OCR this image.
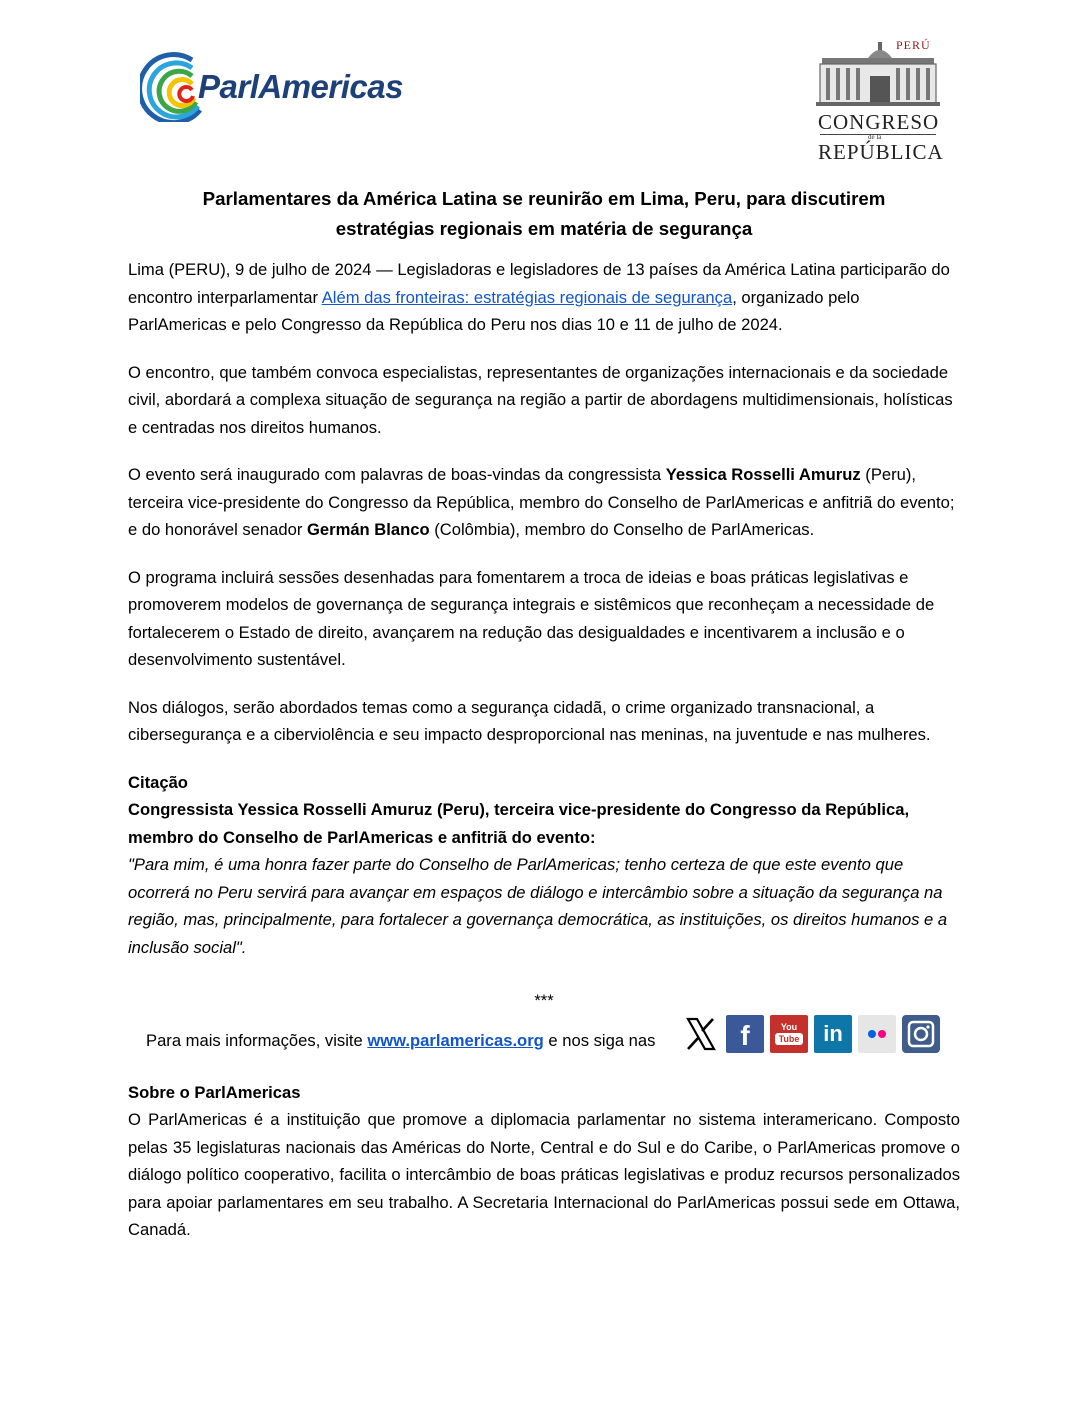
ParlAmericas
PERÚ
CONGRESO
de la
REPÚBLICA
Parlamentares da América Latina se reunirão em Lima, Peru, para discutirem
estratégias regionais em matéria de segurança

Lima (PERU), 9 de julho de 2024 — Legisladoras e legisladores de 13 países da América Latina participarão do encontro interparlamentar Além das fronteiras: estratégias regionais de segurança, organizado pelo ParlAmericas e pelo Congresso da República do Peru nos dias 10 e 11 de julho de 2024.

O encontro, que também convoca especialistas, representantes de organizações internacionais e da sociedade civil, abordará a complexa situação de segurança na região a partir de abordagens multidimensionais, holísticas e centradas nos direitos humanos.

O evento será inaugurado com palavras de boas-vindas da congressista Yessica Rosselli Amuruz (Peru), terceira vice-presidente do Congresso da República, membro do Conselho de ParlAmericas e anfitriã do evento; e do honorável senador Germán Blanco (Colômbia), membro do Conselho de ParlAmericas.

O programa incluirá sessões desenhadas para fomentarem a troca de ideias e boas práticas legislativas e promoverem modelos de governança de segurança integrais e sistêmicos que reconheçam a necessidade de fortalecerem o Estado de direito, avançarem na redução das desigualdades e incentivarem a inclusão e o desenvolvimento sustentável.

Nos diálogos, serão abordados temas como a segurança cidadã, o crime organizado transnacional, a cibersegurança e a ciberviolência e seu impacto desproporcional nas meninas, na juventude e nas mulheres.

Citação
Congressista Yessica Rosselli Amuruz (Peru), terceira vice-presidente do Congresso da República, membro do Conselho de ParlAmericas e anfitriã do evento:
"Para mim, é uma honra fazer parte do Conselho de ParlAmericas; tenho certeza de que este evento que ocorrerá no Peru servirá para avançar em espaços de diálogo e intercâmbio sobre a situação da segurança na região, mas, principalmente, para fortalecer a governança democrática, as instituições, os direitos humanos e a inclusão social".
***
Para mais informações, visite www.parlamericas.org e nos siga nas	f	You
Tube	in
Sobre o ParlAmericas
O ParlAmericas é a instituição que promove a diplomacia parlamentar no sistema interamericano. Composto pelas 35 legislaturas nacionais das Américas do Norte, Central e do Sul e do Caribe, o ParlAmericas promove o diálogo político cooperativo, facilita o intercâmbio de boas práticas legislativas e produz recursos personalizados para apoiar parlamentares em seu trabalho. A Secretaria Internacional do ParlAmericas possui sede em Ottawa, Canadá.
